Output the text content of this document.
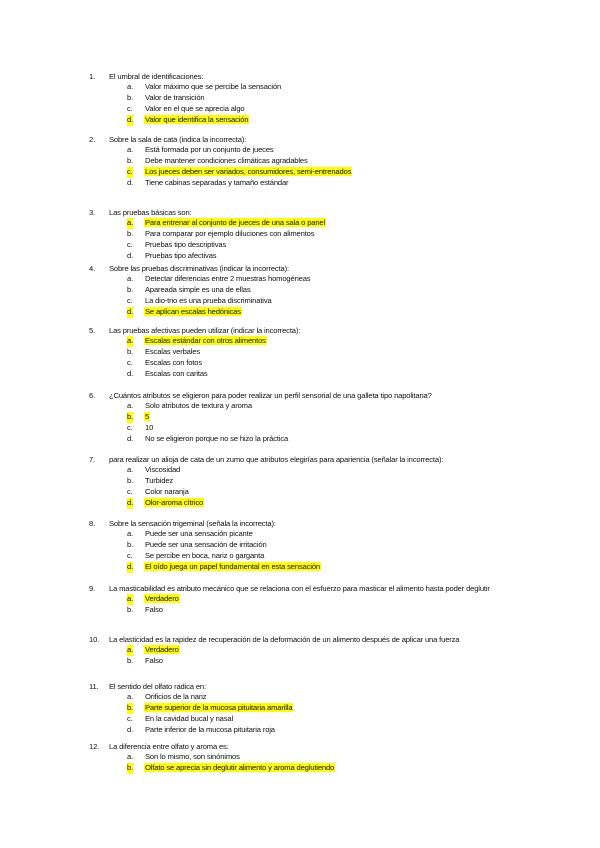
1. El umbral de identificaciones:
a. Valor máximo que se percibe la sensación
b. Valor de transición
c. Valor en el que se aprecia algo
d. Valor que identifica la sensación
2. Sobre la sala de cata (indica la incorrecta):
a. Está formada por un conjunto de jueces
b. Debe mantener condiciones climáticas agradables
c. Los jueces deben ser variados, consumidores, semi-entrenados
d. Tiene cabinas separadas y tamaño estándar
3. Las pruebas básicas son:
a. Para entrenar al conjunto de jueces de una sala o panel
b. Para comparar por ejemplo diluciones con alimentos
c. Pruebas tipo descriptivas
d. Pruebas tipo afectivas
4. Sobre las pruebas discriminativas (indicar la incorrecta):
a. Detectar diferencias entre 2 muestras homogéneas
b. Apareada simple es una de ellas
c. La dio-trio es una prueba discriminativa
d. Se aplican escalas hedónicas
5. Las pruebas afectivas pueden utilizar (indicar la incorrecta):
a. Escalas estándar con otros alimentos
b. Escalas verbales
c. Escalas con fotos
d. Escalas con caritas
6. ¿Cuántos atributos se eligieron para poder realizar un perfil sensorial de una galleta tipo napolitana?
a. Solo atributos de textura y aroma
b. 5
c. 10
d. No se eligieron porque no se hizo la práctica
7. para realizar un alioja de cata de un zumo que atributos elegirías para apariencia (señalar la incorrecta):
a. Viscosidad
b. Turbidez
c. Color naranja
d. Olor-aroma cítrico
8. Sobre la sensación trigeminal (señala la incorrecta):
a. Puede ser una sensación picante
b. Puede ser una sensación de irritación
c. Se percibe en boca, nariz o garganta
d. El oído juega un papel fundamental en esta sensación
9. La masticabilidad es atributo mecánico que se relaciona con el esfuerzo para masticar el alimento hasta poder deglutir
a. Verdadero
b. Falso
10. La elasticidad es la rapidez de recuperación de la deformación de un alimento después de aplicar una fuerza
a. Verdadero
b. Falso
11. El sentido del olfato radica en:
a. Orificios de la nariz
b. Parte superior de la mucosa pituitaria amarilla
c. En la cavidad bucal y nasal
d. Parte inferior de la mucosa pituitaria roja
12. La diferencia entre olfato y aroma es:
a. Son lo mismo, son sinónimos
b. Olfato se aprecia sin deglutir alimento y aroma deglutiendo
